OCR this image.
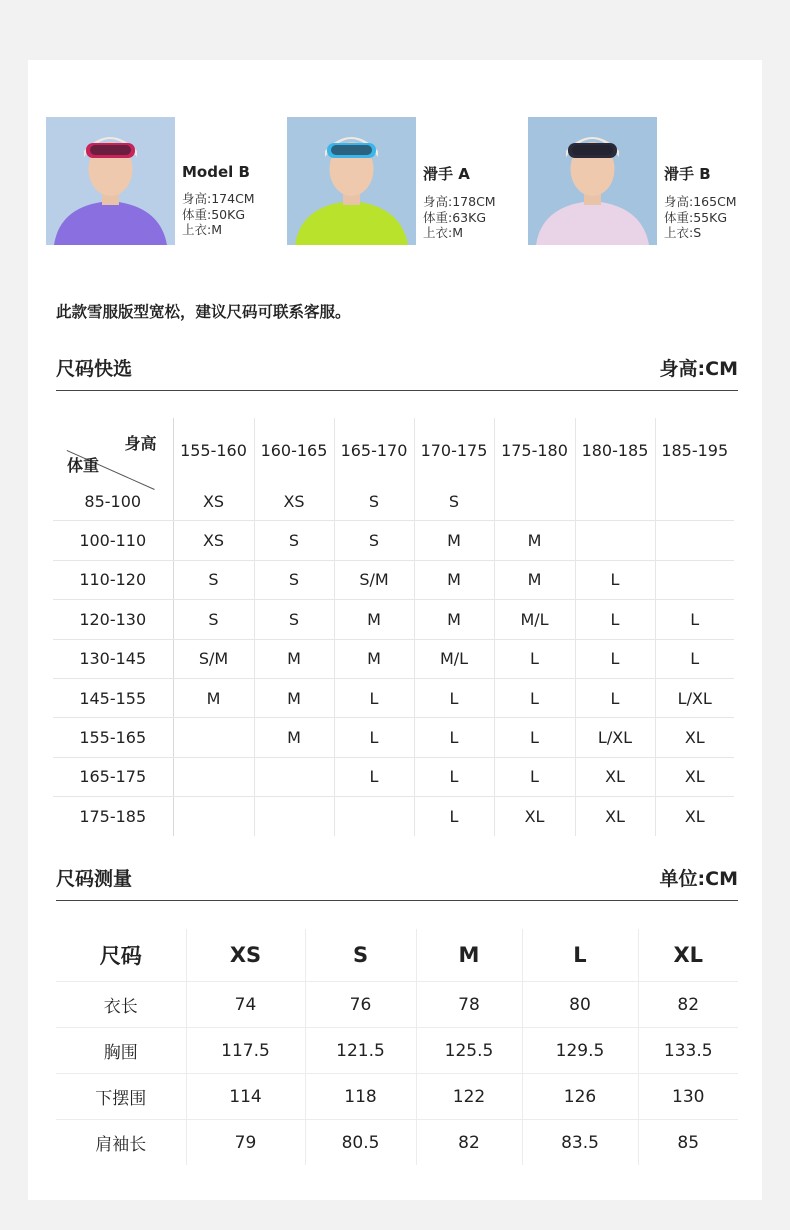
Model B
身高:174CM
体重:50KG
上衣:M
滑手 A
身高:178CM
体重:63KG
上衣:M
滑手 B
身高:165CM
体重:55KG
上衣:S
此款雪服版型宽松，建议尺码可联系客服。
尺码快选	身高:CM
身高
体重	155-160	160-165	165-170	170-175	175-180	180-185	185-195
85-100	XS	XS	S	S			
100-110	XS	S	S	M	M		
110-120	S	S	S/M	M	M	L	
120-130	S	S	M	M	M/L	L	L
130-145	S/M	M	M	M/L	L	L	L
145-155	M	M	L	L	L	L	L/XL
155-165		M	L	L	L	L/XL	XL
165-175			L	L	L	XL	XL
175-185				L	XL	XL	XL
尺码测量	单位:CM
尺码	XS	S	M	L	XL
衣长	74	76	78	80	82
胸围	117.5	121.5	125.5	129.5	133.5
下摆围	114	118	122	126	130
肩袖长	79	80.5	82	83.5	85
